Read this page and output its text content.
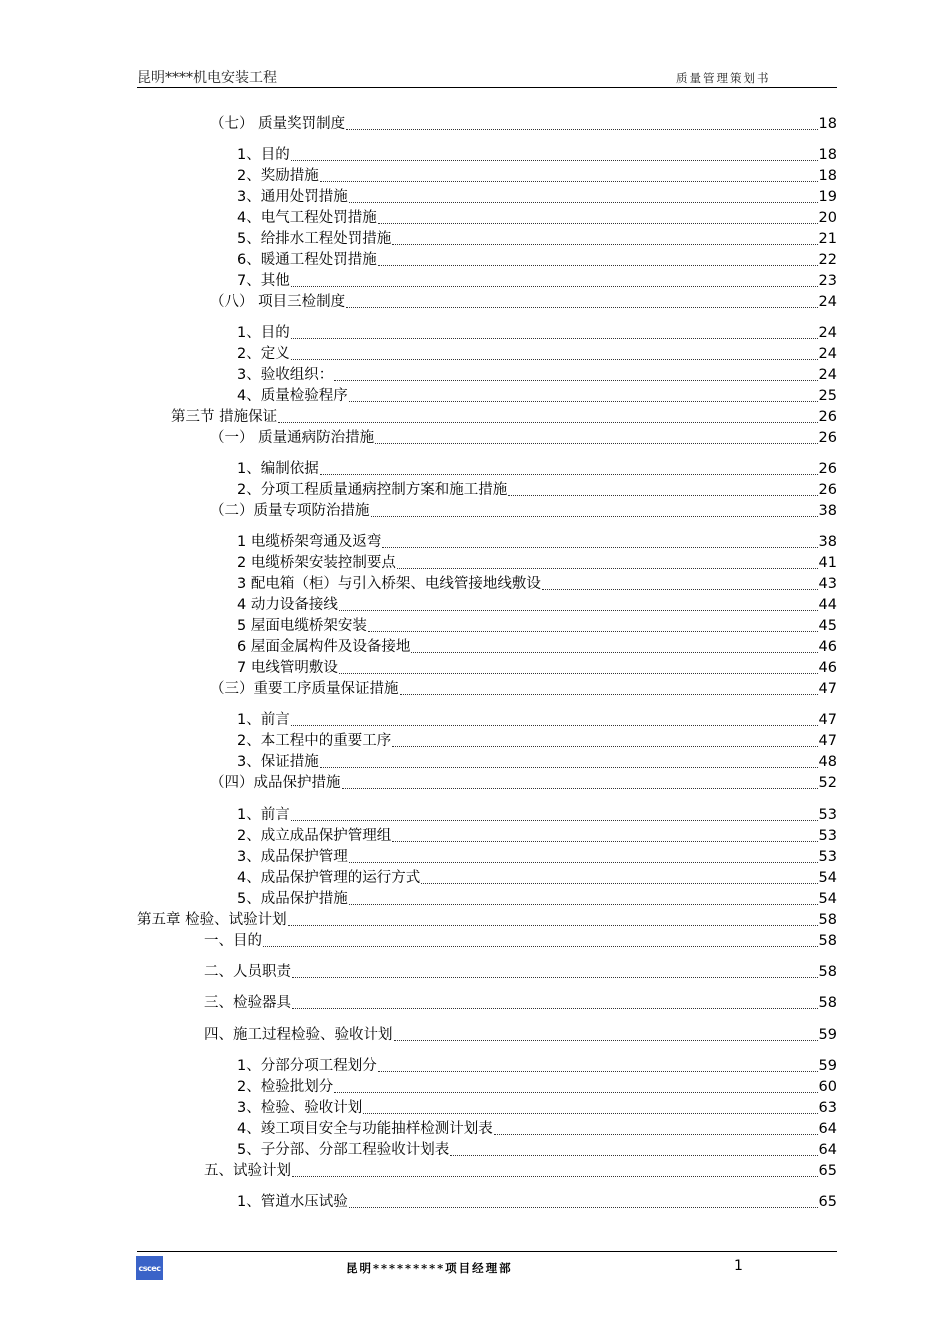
昆明****机电安装工程	质量管理策划书
（七） 质量奖罚制度	18
1、目的	18
2、奖励措施	18
3、通用处罚措施	19
4、电气工程处罚措施	20
5、给排水工程处罚措施	21
6、暖通工程处罚措施	22
7、其他	23
（八） 项目三检制度	24
1、目的	24
2、定义	24
3、验收组织：	24
4、质量检验程序	25
第三节 措施保证	26
（一） 质量通病防治措施	26
1、编制依据	26
2、分项工程质量通病控制方案和施工措施	26
（二）质量专项防治措施	38
1 电缆桥架弯通及返弯	38
2 电缆桥架安装控制要点	41
3 配电箱（柜）与引入桥架、电线管接地线敷设	43
4 动力设备接线	44
5 屋面电缆桥架安装	45
6 屋面金属构件及设备接地	46
7 电线管明敷设	46
（三）重要工序质量保证措施	47
1、前言	47
2、本工程中的重要工序	47
3、保证措施	48
（四）成品保护措施	52
1、前言	53
2、成立成品保护管理组	53
3、成品保护管理	53
4、成品保护管理的运行方式	54
5、成品保护措施	54
第五章 检验、试验计划	58
一、目的	58
二、人员职责	58
三、检验器具	58
四、施工过程检验、验收计划	59
1、分部分项工程划分	59
2、检验批划分	60
3、检验、验收计划	63
4、竣工项目安全与功能抽样检测计划表	64
5、子分部、分部工程验收计划表	64
五、试验计划	65
1、管道水压试验	65
cscec	昆明*********项目经理部	1
